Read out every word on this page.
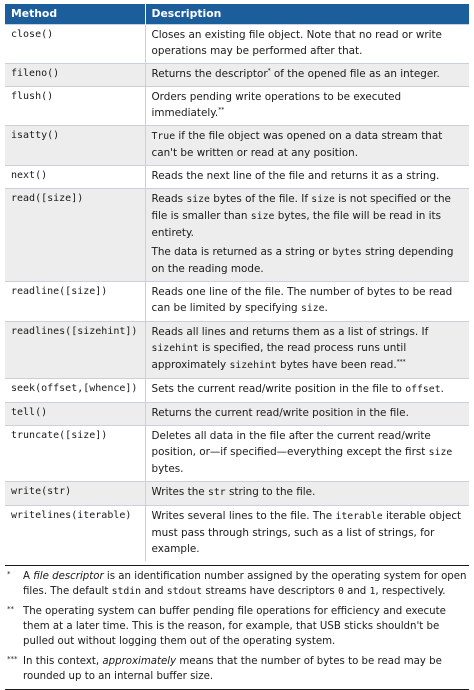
Method	Description
close()	Closes an existing file object. Note that no read or write operations may be performed after that.
fileno()	Returns the descriptor* of the opened file as an integer.
flush()	Orders pending write operations to be executed immediately.**
isatty()	True if the file object was opened on a data stream that can't be written or read at any position.
next()	Reads the next line of the file and returns it as a string.
read([size])	Reads size bytes of the file. If size is not specified or the file is smaller than size bytes, the file will be read in its entirety.
The data is returned as a string or bytes string depending on the reading mode.

readline([size])	Reads one line of the file. The number of bytes to be read can be limited by specifying size.
readlines([sizehint])	Reads all lines and returns them as a list of strings. If sizehint is specified, the read process runs until approximately sizehint bytes have been read.***
seek(offset,[whence])	Sets the current read/write position in the file to offset.
tell()	Returns the current read/write position in the file.
truncate([size])	Deletes all data in the file after the current read/write position, or—if specified—everything except the first size bytes.
write(str)	Writes the str string to the file.
writelines(iterable)	Writes several lines to the file. The iterable iterable object must pass through strings, such as a list of strings, for example.
*	A file descriptor is an identification number assigned by the operating system for open files. The default stdin and stdout streams have descriptors 0 and 1, respectively.
** The operating system can buffer pending file operations for efficiency and execute them at a later time. This is the reason, for example, that USB sticks shouldn't be pulled out without logging them out of the operating system.
*** In this context, approximately means that the number of bytes to be read may be rounded up to an internal buffer size.
